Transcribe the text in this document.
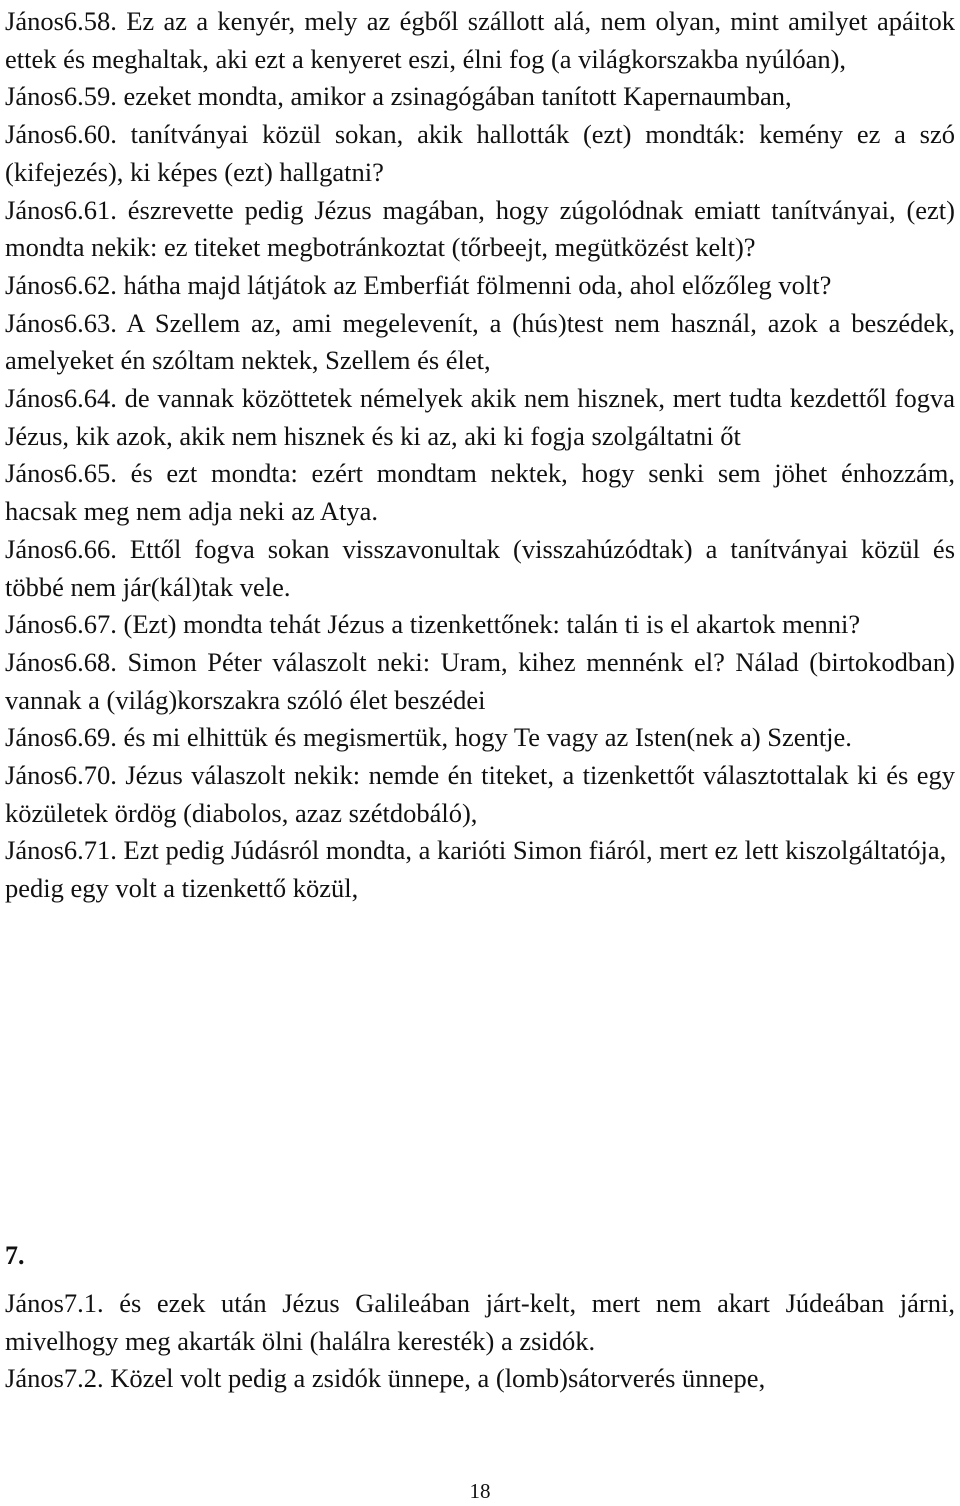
János6.58. Ez az a kenyér, mely az égből szállott alá, nem olyan, mint amilyet apáitok ettek és meghaltak, aki ezt a kenyeret eszi, élni fog (a világkorszakba nyúlóan),

János6.59. ezeket mondta, amikor a zsinagógában tanított Kapernaumban,

János6.60. tanítványai közül sokan, akik hallották (ezt) mondták: kemény ez a szó (kifejezés), ki képes (ezt) hallgatni?

János6.61. észrevette pedig Jézus magában, hogy zúgolódnak emiatt tanítványai, (ezt) mondta nekik: ez titeket megbotránkoztat (tőrbeejt, megütközést kelt)?

János6.62. hátha majd látjátok az Emberfiát fölmenni oda, ahol előzőleg volt?

János6.63. A Szellem az, ami megelevenít, a (hús)test nem használ, azok a beszédek, amelyeket én szóltam nektek, Szellem és élet,

János6.64. de vannak közöttetek némelyek akik nem hisznek, mert tudta kezdettől fogva Jézus, kik azok, akik nem hisznek és ki az, aki ki fogja szolgáltatni őt

János6.65. és ezt mondta: ezért mondtam nektek, hogy senki sem jöhet énhozzám, hacsak meg nem adja neki az Atya.

János6.66. Ettől fogva sokan visszavonultak (visszahúzódtak) a tanítványai közül és többé nem jár(kál)tak vele.

János6.67. (Ezt) mondta tehát Jézus a tizenkettőnek: talán ti is el akartok menni?

János6.68. Simon Péter válaszolt neki: Uram, kihez mennénk el? Nálad (birtokodban) vannak a (világ)korszakra szóló élet beszédei

János6.69. és mi elhittük és megismertük, hogy Te vagy az Isten(nek a) Szentje.

János6.70. Jézus válaszolt nekik: nemde én titeket, a tizenkettőt választottalak ki és egy közületek ördög (diabolos, azaz szétdobáló),

János6.71. Ezt pedig Júdásról mondta, a karióti Simon fiáról, mert ez lett kiszolgáltatója, pedig egy volt a tizenkettő közül,

7.

János7.1. és ezek után Jézus Galileában járt-kelt, mert nem akart Júdeában járni, mivelhogy meg akarták ölni (halálra keresték) a zsidók.

János7.2. Közel volt pedig a zsidók ünnepe, a (lomb)sátorverés ünnepe,

18
